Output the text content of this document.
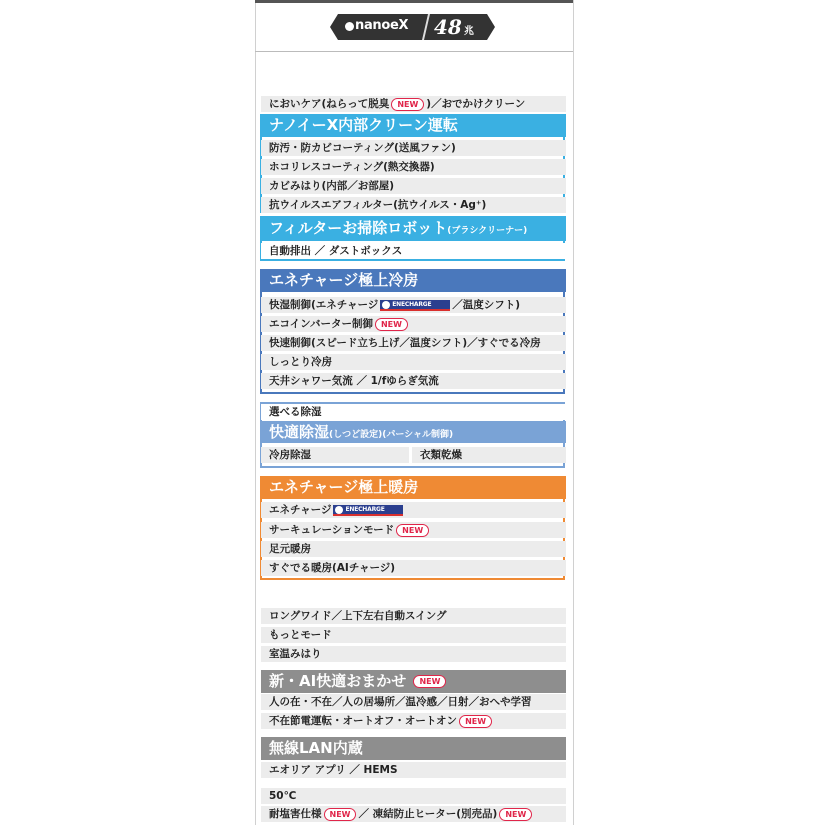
nanoeX 48 兆
においケア(ねらって脱臭 NEW )／おでかけクリーン
ナノイーX内部クリーン運転
防汚・防カビコーティング(送風ファン)
ホコリレスコーティング(熱交換器)
カビみはり(内部／お部屋)
抗ウイルスエアフィルター(抗ウイルス・Ag⁺)
フィルターお掃除ロボット(ブラシクリーナー)
自動排出 ／ ダストボックス
エネチャージ極上冷房
快湿制御(エネチャージ ENECHARGE ／温度シフト)
エコインバーター制御 NEW
快速制御(スピード立ち上げ／温度シフト)／すぐでる冷房
しっとり冷房
天井シャワー気流 ／ 1/fゆらぎ気流
選べる除湿
快適除湿(しつど設定)(パーシャル制御)
冷房除湿	衣類乾燥
エネチャージ極上暖房
エネチャージ ENECHARGE
サーキュレーションモード NEW
足元暖房
すぐでる暖房(AIチャージ)
ロングワイド／上下左右自動スイング
もっとモード
室温みはり
新・AI快適おまかせ NEW
人の在・不在／人の居場所／温冷感／日射／おへや学習
不在節電運転・オートオフ・オートオン NEW
無線LAN内蔵
エオリア アプリ ／ HEMS
50℃
耐塩害仕様 NEW ／ 凍結防止ヒーター(別売品) NEW
